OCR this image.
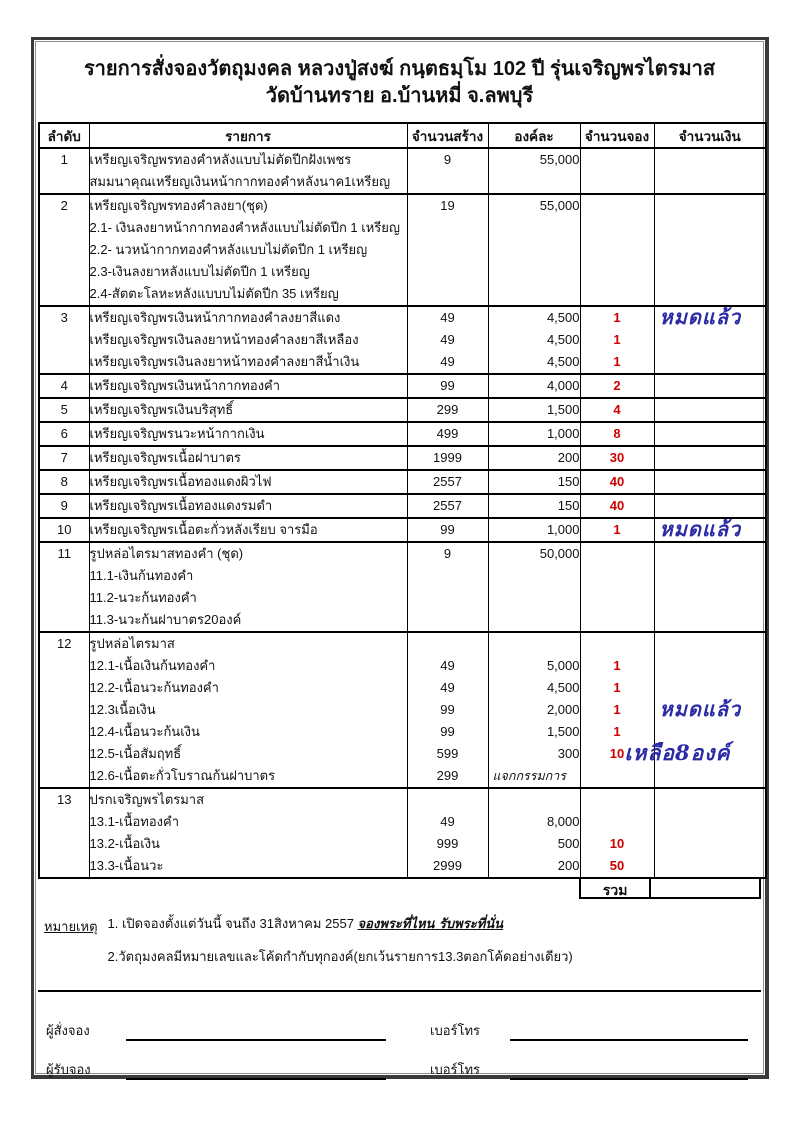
รายการสั่งจองวัตถุมงคล หลวงปู่สงฆ์ กนฺตธมฺโม 102 ปี รุ่นเจริญพรไตรมาส
วัดบ้านทราย อ.บ้านหมี่ จ.ลพบุรี
ลำดับ	รายการ	จำนวนสร้าง	องค์ละ	จำนวนจอง	จำนวนเงิน
1	เหรียญเจริญพรทองคำหลังแบบไม่ตัดปีกฝังเพชร	9	55,000		
	สมมนาคุณเหรียญเงินหน้ากากทองคำหลังนาค1เหรียญ				
2	เหรียญเจริญพรทองคำลงยา(ชุด)	19	55,000		
	2.1- เงินลงยาหน้ากากทองคำหลังแบบไม่ตัดปีก 1 เหรียญ				
	2.2- นวหน้ากากทองคำหลังแบบไม่ตัดปีก 1 เหรียญ				
	2.3-เงินลงยาหลังแบบไม่ตัดปีก 1 เหรียญ				
	2.4-สัตตะโลหะหลังแบบบไม่ตัดปีก 35 เหรียญ				
3	เหรียญเจริญพรเงินหน้ากากทองคำลงยาสีแดง	49	4,500	1	หมดแล้ว

	เหรียญเจริญพรเงินลงยาหน้าทองคำลงยาสีเหลือง	49	4,500	1	
	เหรียญเจริญพรเงินลงยาหน้าทองคำลงยาสีน้ำเงิน	49	4,500	1	
4	เหรียญเจริญพรเงินหน้ากากทองคำ	99	4,000	2	
5	เหรียญเจริญพรเงินบริสุทธิ์	299	1,500	4	
6	เหรียญเจริญพรนวะหน้ากากเงิน	499	1,000	8	
7	เหรียญเจริญพรเนื้อฝาบาตร	1999	200	30	
8	เหรียญเจริญพรเนื้อทองแดงผิวไฟ	2557	150	40	
9	เหรียญเจริญพรเนื้อทองแดงรมดำ	2557	150	40	
10	เหรียญเจริญพรเนื้อตะกั่วหลังเรียบ จารมือ	99	1,000	1	หมดแล้ว

11	รูปหล่อไตรมาสทองคำ (ชุด)	9	50,000		
	11.1-เงินก้นทองคำ				
	11.2-นวะก้นทองคำ				
	11.3-นวะก้นฝาบาตร20องค์				
12	รูปหล่อไตรมาส				
	12.1-เนื้อเงินก้นทองคำ	49	5,000	1	
	12.2-เนื้อนวะก้นทองคำ	49	4,500	1	
	12.3เนื้อเงิน	99	2,000	1	หมดแล้ว

	12.4-เนื้อนวะก้นเงิน	99	1,500	1	
	12.5-เนื้อสัมฤทธิ์	599	300	10	เหลือ8องค์

	12.6-เนื้อตะกั่วโบราณก้นฝาบาตร	299	แจกกรรมการ		
13	ปรกเจริญพรไตรมาส				
	13.1-เนื้อทองคำ	49	8,000		
	13.2-เนื้อเงิน	999	500	10	
	13.3-เนื้อนวะ	2999	200	50	
รวม
หมายเหตุ 1. เปิดจองตั้งแต่วันนี้ จนถึง 31สิงหาคม 2557 จองพระที่ไหน รับพระที่นั่น
2.วัตถุมงคลมีหมายเลขและโค้ดกำกับทุกองค์(ยกเว้นรายการ13.3ตอกโค้ดอย่างเดียว)
ผู้สั่งจอง	เบอร์โทร
ผู้รับจอง	เบอร์โทร
